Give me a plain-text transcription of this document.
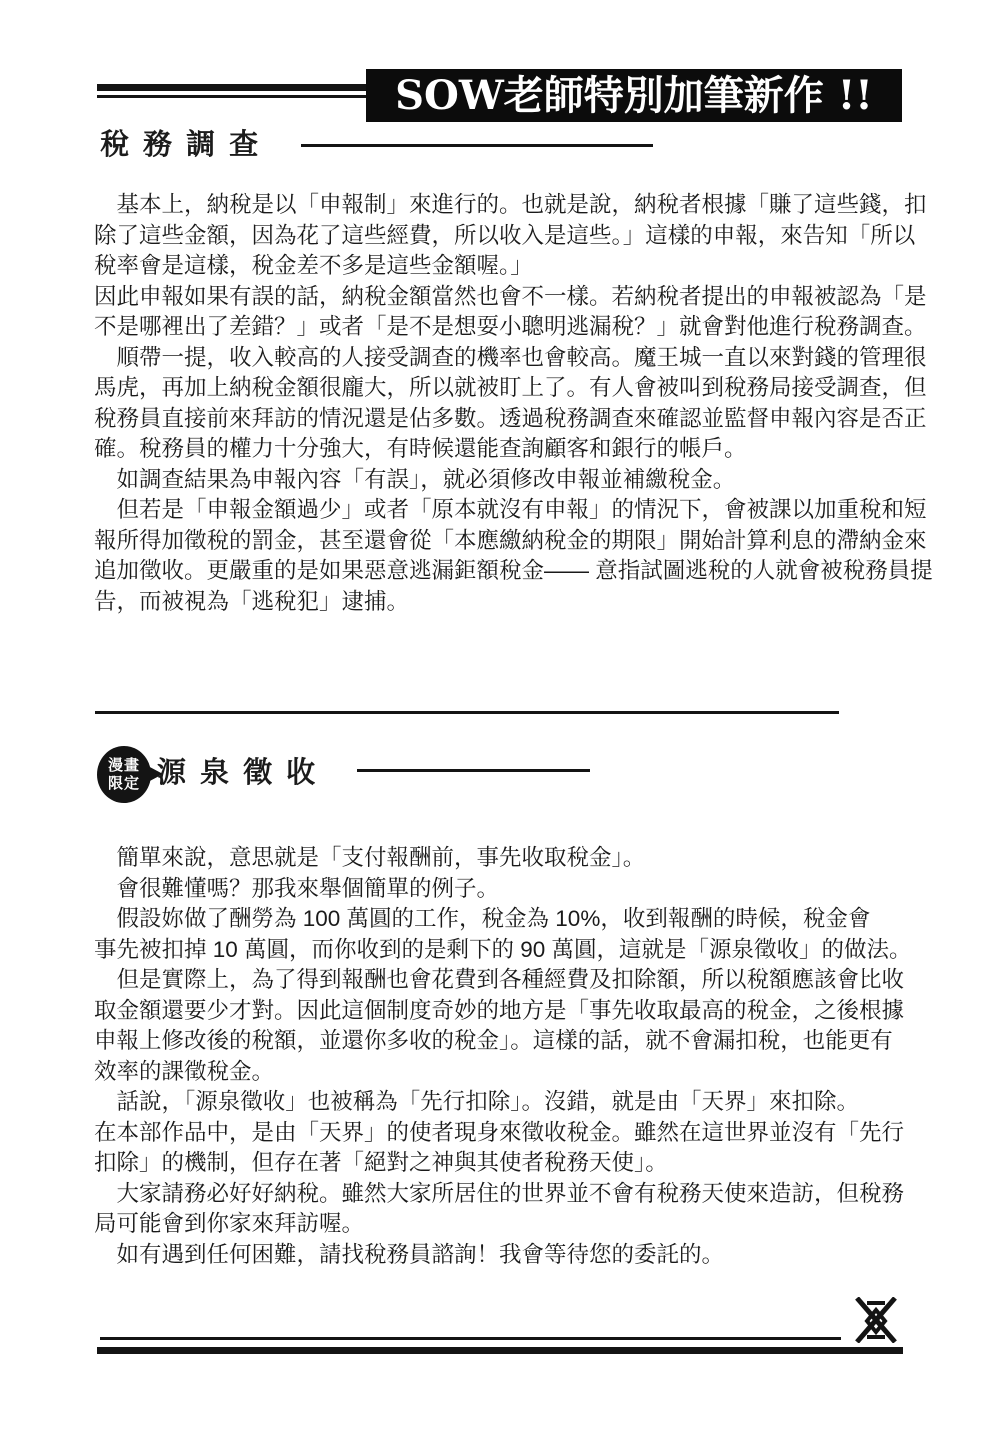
SOW老師特別加筆新作 !!
稅 務 調 查
　基本上，納稅是以「申報制」來進行的。也就是說，納稅者根據「賺了這些錢，扣
除了這些金額，因為花了這些經費，所以收入是這些。」這樣的申報，來告知「所以
稅率會是這樣，稅金差不多是這些金額喔。」
因此申報如果有誤的話，納稅金額當然也會不一樣。若納稅者提出的申報被認為「是
不是哪裡出了差錯？」或者「是不是想耍小聰明逃漏稅？」就會對他進行稅務調查。
　順帶一提，收入較高的人接受調查的機率也會較高。魔王城一直以來對錢的管理很
馬虎，再加上納稅金額很龐大，所以就被盯上了。有人會被叫到稅務局接受調查，但
稅務員直接前來拜訪的情況還是佔多數。透過稅務調查來確認並監督申報內容是否正
確。稅務員的權力十分強大，有時候還能查詢顧客和銀行的帳戶。
　如調查結果為申報內容「有誤」，就必須修改申報並補繳稅金。
　但若是「申報金額過少」或者「原本就沒有申報」的情況下，會被課以加重稅和短
報所得加徵稅的罰金，甚至還會從「本應繳納稅金的期限」開始計算利息的滯納金來
追加徵收。更嚴重的是如果惡意逃漏鉅額稅金—— 意指試圖逃稅的人就會被稅務員提
告，而被視為「逃稅犯」逮捕。
漫畫
限定 源 泉 徵 收
　簡單來說，意思就是「支付報酬前，事先收取稅金」。
　會很難懂嗎？那我來舉個簡單的例子。
　假設妳做了酬勞為 100 萬圓的工作，稅金為 10%，收到報酬的時候，稅金會
事先被扣掉 10 萬圓，而你收到的是剩下的 90 萬圓，這就是「源泉徵收」的做法。
　但是實際上，為了得到報酬也會花費到各種經費及扣除額，所以稅額應該會比收
取金額還要少才對。因此這個制度奇妙的地方是「事先收取最高的稅金，之後根據
申報上修改後的稅額，並還你多收的稅金」。這樣的話，就不會漏扣稅，也能更有
效率的課徵稅金。
　話說，「源泉徵收」也被稱為「先行扣除」。沒錯，就是由「天界」來扣除。
在本部作品中，是由「天界」的使者現身來徵收稅金。雖然在這世界並沒有「先行
扣除」的機制，但存在著「絕對之神與其使者稅務天使」。
　大家請務必好好納稅。雖然大家所居住的世界並不會有稅務天使來造訪，但稅務
局可能會到你家來拜訪喔。
　如有遇到任何困難，請找稅務員諮詢！我會等待您的委託的。
